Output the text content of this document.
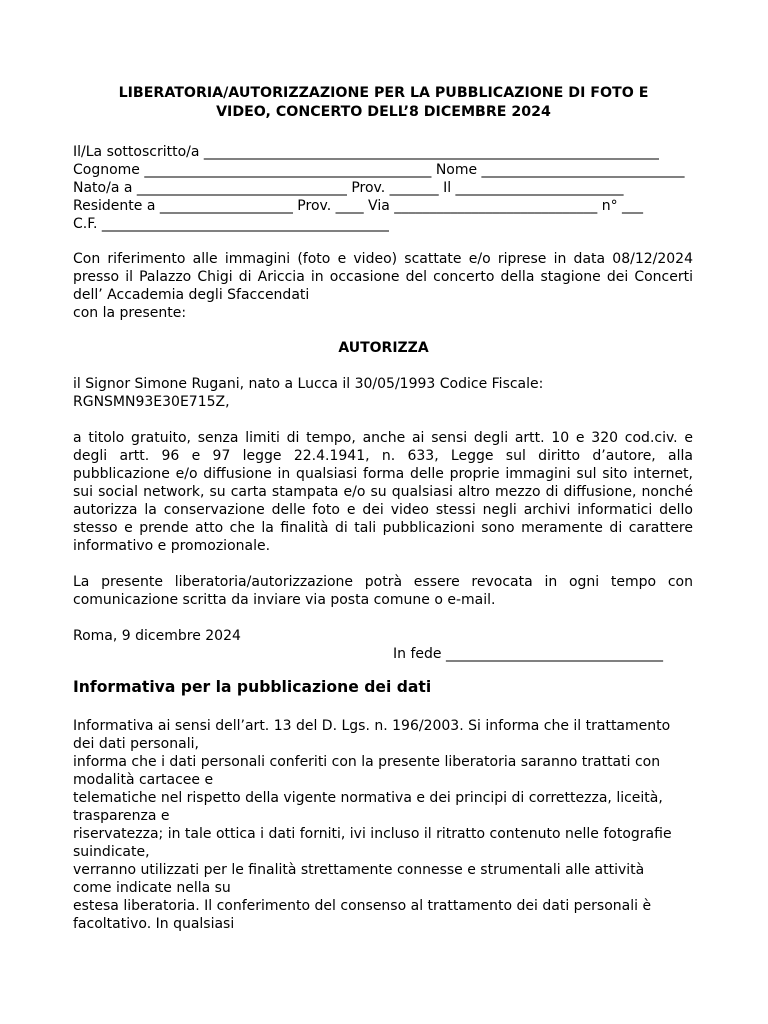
LIBERATORIA/AUTORIZZAZIONE PER LA PUBBLICAZIONE DI FOTO E
VIDEO, CONCERTO DELL’8 DICEMBRE 2024
Il/La sottoscritto/a _________________________________________________________________
Cognome _________________________________________ Nome _____________________________
Nato/a a ______________________________ Prov. _______ Il ________________________
Residente a ___________________ Prov. ____ Via _____________________________ n° ___
C.F. _________________________________________
Con riferimento alle immagini (foto e video) scattate e/o riprese in data 08/12/2024
presso il Palazzo Chigi di Ariccia in occasione del concerto della stagione dei Concerti
dell’ Accademia degli Sfaccendati
con la presente:
AUTORIZZA
il Signor Simone Rugani, nato a Lucca il 30/05/1993 Codice Fiscale:
RGNSMN93E30E715Z,
a titolo gratuito, senza limiti di tempo, anche ai sensi degli artt. 10 e 320 cod.civ. e
degli artt. 96 e 97 legge 22.4.1941, n. 633, Legge sul diritto d’autore, alla
pubblicazione e/o diffusione in qualsiasi forma delle proprie immagini sul sito internet,
sui social network, su carta stampata e/o su qualsiasi altro mezzo di diffusione, nonché
autorizza la conservazione delle foto e dei video stessi negli archivi informatici dello
stesso e prende atto che la finalità di tali pubblicazioni sono meramente di carattere
informativo e promozionale.
La presente liberatoria/autorizzazione potrà essere revocata in ogni tempo con
comunicazione scritta da inviare via posta comune o e-mail.
Roma, 9 dicembre 2024
In fede _______________________________
Informativa per la pubblicazione dei dati
Informativa ai sensi dell’art. 13 del D. Lgs. n. 196/2003. Si informa che il trattamento
dei dati personali,
informa che i dati personali conferiti con la presente liberatoria saranno trattati con
modalità cartacee e
telematiche nel rispetto della vigente normativa e dei principi di correttezza, liceità,
trasparenza e
riservatezza; in tale ottica i dati forniti, ivi incluso il ritratto contenuto nelle fotografie
suindicate,
verranno utilizzati per le finalità strettamente connesse e strumentali alle attività
come indicate nella su
estesa liberatoria. Il conferimento del consenso al trattamento dei dati personali è
facoltativo. In qualsiasi
